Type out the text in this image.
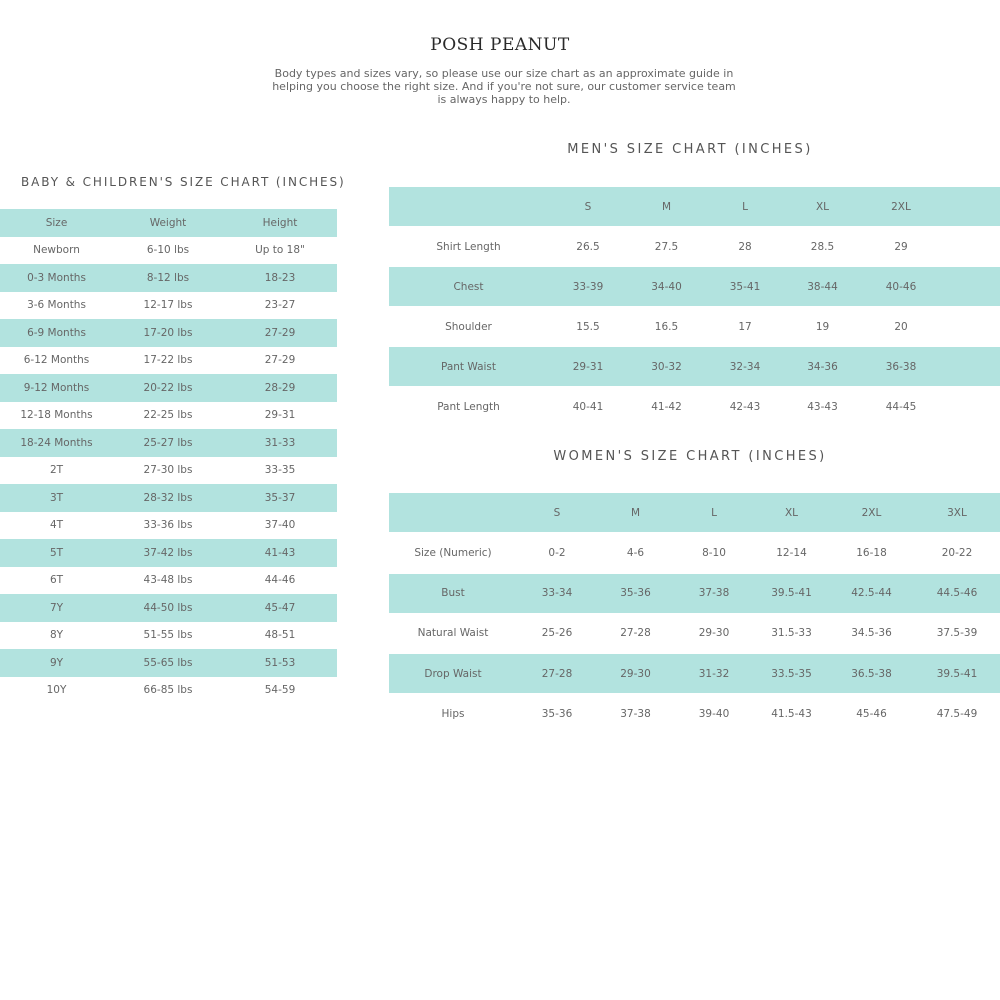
POSH PEANUT
Body types and sizes vary, so please use our size chart as an approximate guide in helping you choose the right size. And if you're not sure, our customer service team is always happy to help.
BABY & CHILDREN'S SIZE CHART (INCHES)
Size	Weight	Height
Newborn	6-10 lbs	Up to 18"
0-3 Months	8-12 lbs	18-23
3-6 Months	12-17 lbs	23-27
6-9 Months	17-20 lbs	27-29
6-12 Months	17-22 lbs	27-29
9-12 Months	20-22 lbs	28-29
12-18 Months	22-25 lbs	29-31
18-24 Months	25-27 lbs	31-33
2T	27-30 lbs	33-35
3T	28-32 lbs	35-37
4T	33-36 lbs	37-40
5T	37-42 lbs	41-43
6T	43-48 lbs	44-46
7Y	44-50 lbs	45-47
8Y	51-55 lbs	48-51
9Y	55-65 lbs	51-53
10Y	66-85 lbs	54-59
MEN'S SIZE CHART (INCHES)
	S	M	L	XL	2XL	
Shirt Length	26.5	27.5	28	28.5	29	
Chest	33-39	34-40	35-41	38-44	40-46	
Shoulder	15.5	16.5	17	19	20	
Pant Waist	29-31	30-32	32-34	34-36	36-38	
Pant Length	40-41	41-42	42-43	43-43	44-45	
WOMEN'S SIZE CHART (INCHES)
	S	M	L	XL	2XL	3XL
Size (Numeric)	0-2	4-6	8-10	12-14	16-18	20-22
Bust	33-34	35-36	37-38	39.5-41	42.5-44	44.5-46
Natural Waist	25-26	27-28	29-30	31.5-33	34.5-36	37.5-39
Drop Waist	27-28	29-30	31-32	33.5-35	36.5-38	39.5-41
Hips	35-36	37-38	39-40	41.5-43	45-46	47.5-49
